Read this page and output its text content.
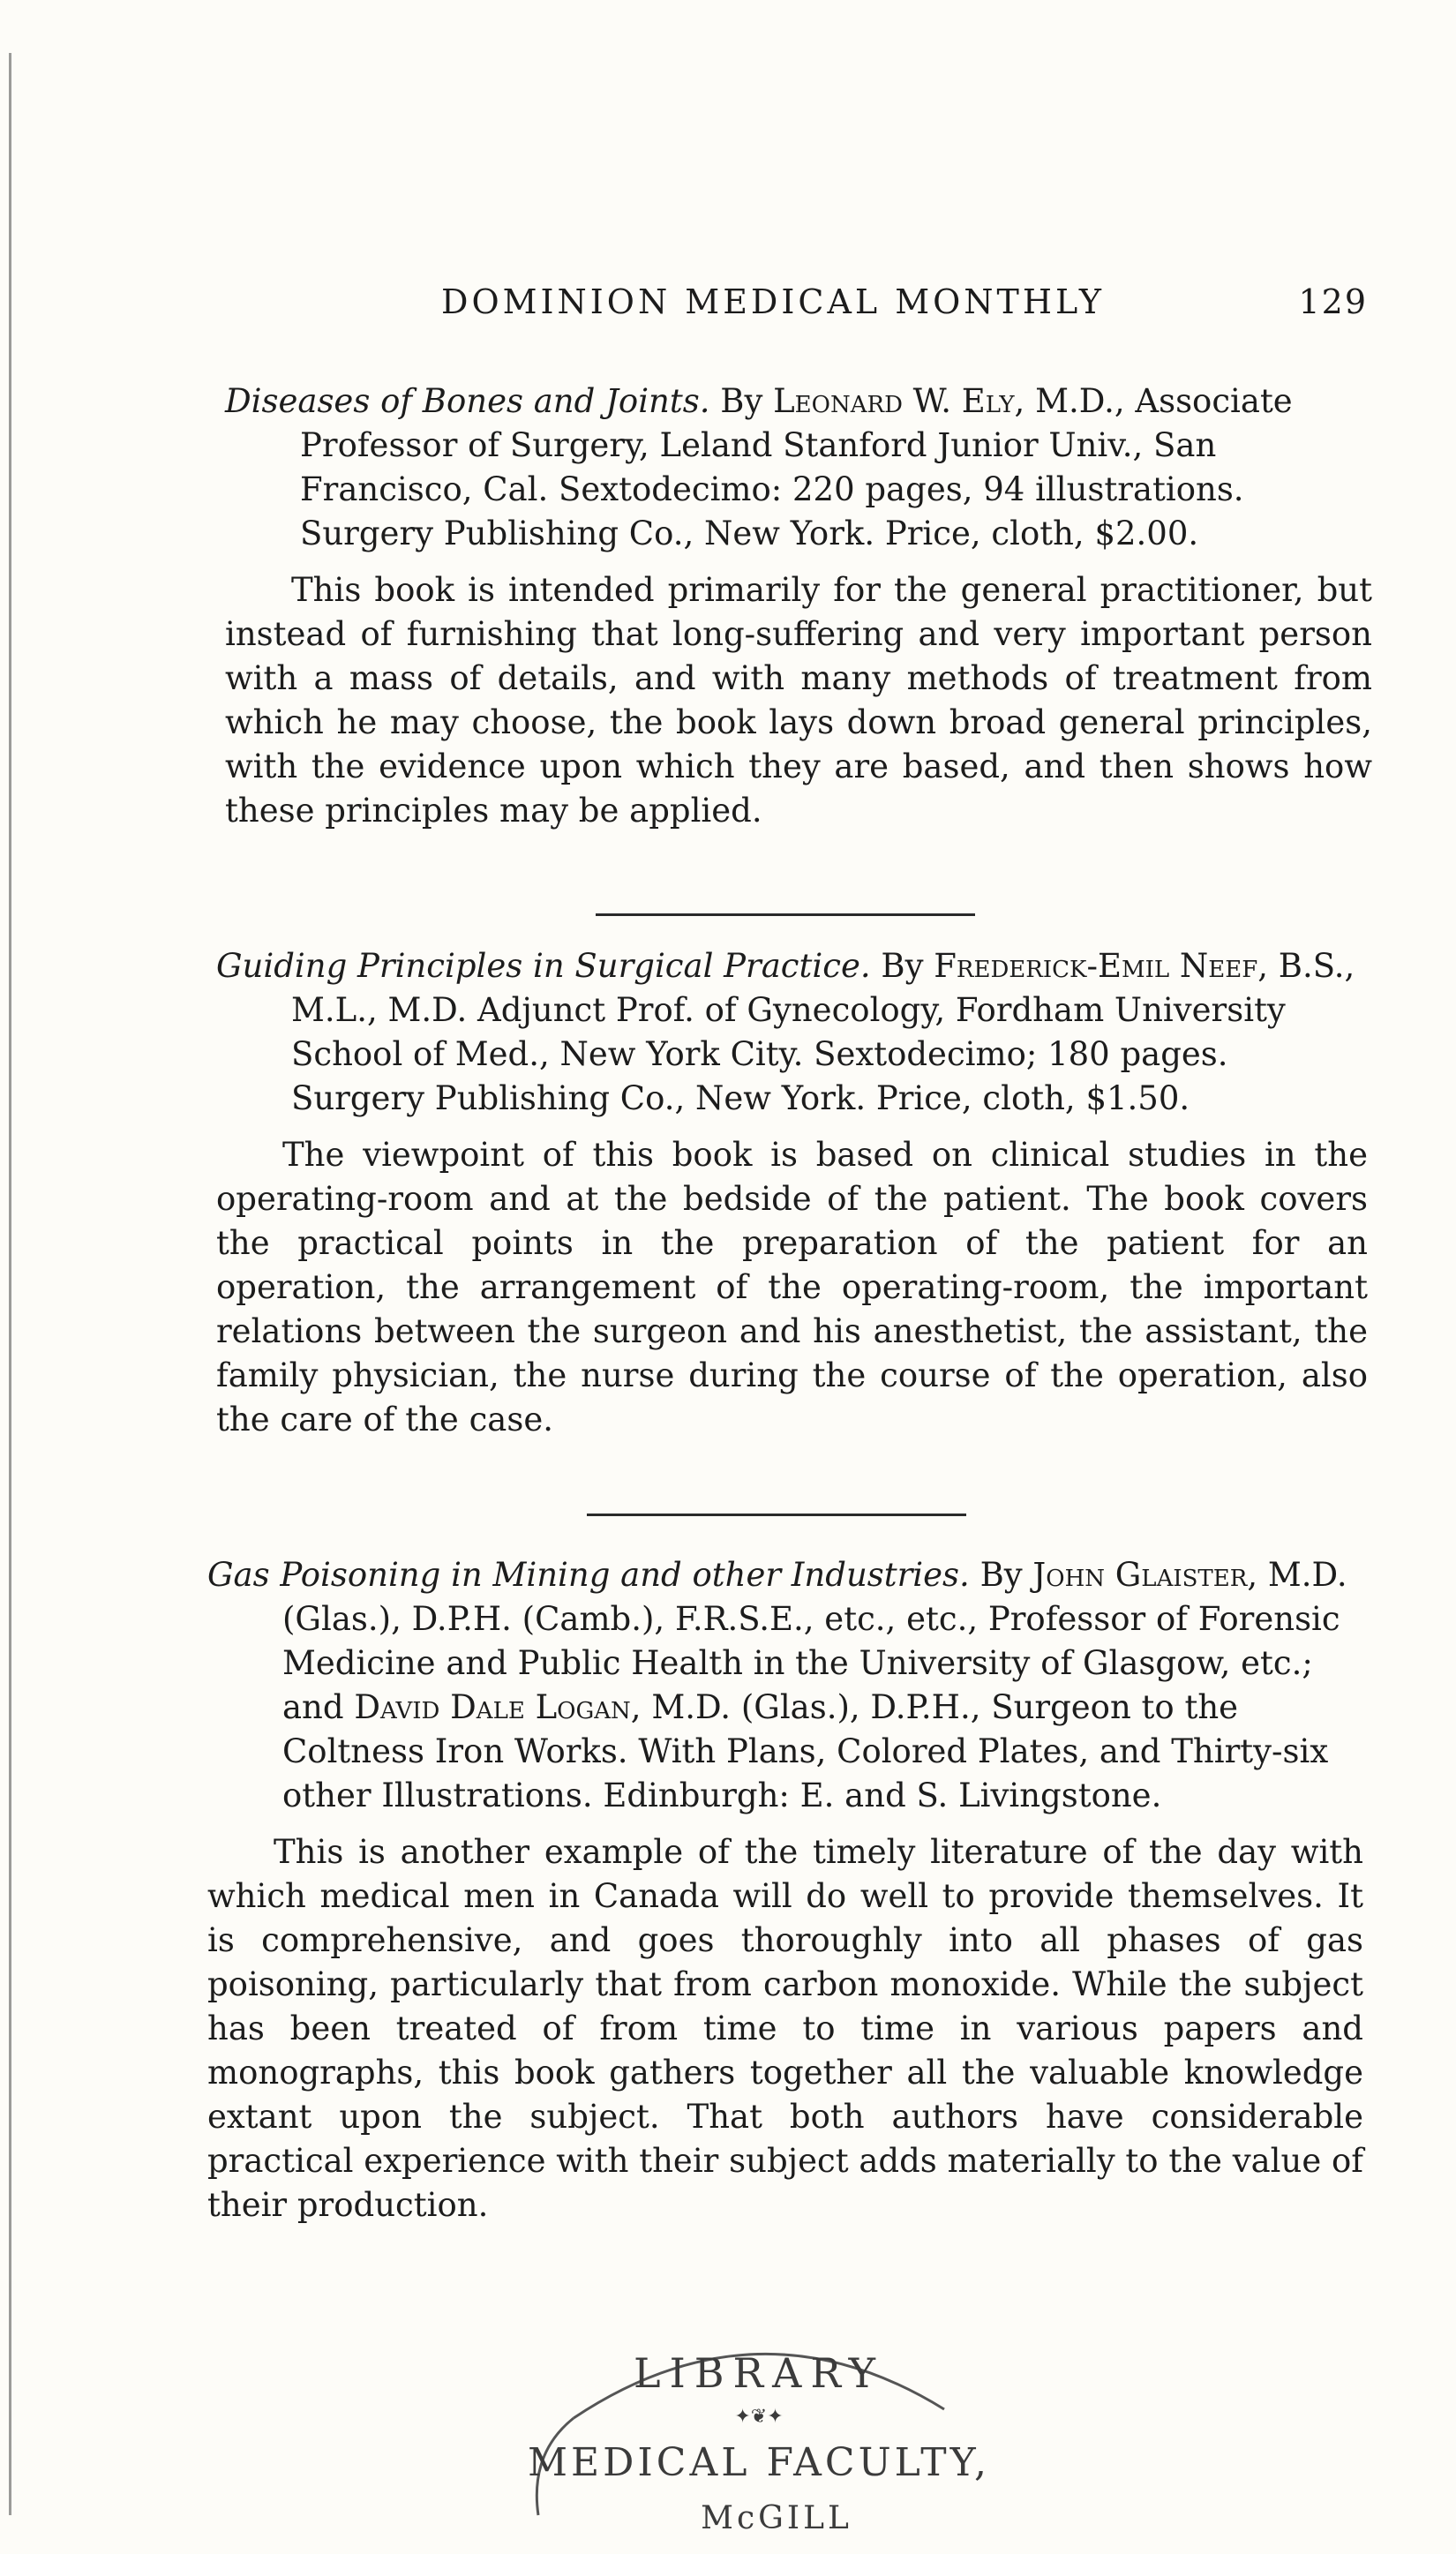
DOMINION MEDICAL MONTHLY	129

Diseases of Bones and Joints. By Leonard W. Ely, M.D., Associate Professor of Surgery, Leland Stanford Junior Univ., San Francisco, Cal. Sextodecimo: 220 pages, 94 illustrations. Surgery Publishing Co., New York. Price, cloth, $2.00.

This book is intended primarily for the general practitioner, but instead of furnishing that long-suffering and very important person with a mass of details, and with many methods of treatment from which he may choose, the book lays down broad general principles, with the evidence upon which they are based, and then shows how these principles may be applied.

Guiding Principles in Surgical Practice. By Frederick-Emil Neef, B.S., M.L., M.D. Adjunct Prof. of Gynecology, Fordham University School of Med., New York City. Sextodecimo; 180 pages. Surgery Publishing Co., New York. Price, cloth, $1.50.

The viewpoint of this book is based on clinical studies in the operating-room and at the bedside of the patient. The book covers the practical points in the preparation of the patient for an operation, the arrangement of the operating-room, the important relations between the surgeon and his anesthetist, the assistant, the family physician, the nurse during the course of the operation, also the care of the case.

Gas Poisoning in Mining and other Industries. By John Glaister, M.D. (Glas.), D.P.H. (Camb.), F.R.S.E., etc., etc., Professor of Forensic Medicine and Public Health in the University of Glasgow, etc.; and David Dale Logan, M.D. (Glas.), D.P.H., Surgeon to the Coltness Iron Works. With Plans, Colored Plates, and Thirty-six other Illustrations. Edinburgh: E. and S. Livingstone.

This is another example of the timely literature of the day with which medical men in Canada will do well to provide themselves. It is comprehensive, and goes thoroughly into all phases of gas poisoning, particularly that from carbon monoxide. While the subject has been treated of from time to time in various papers and monographs, this book gathers together all the valuable knowledge extant upon the subject. That both authors have considerable practical experience with their subject adds materially to the value of their production.

LIBRARY
✦❦✦
MEDICAL FACULTY,
McGILL
